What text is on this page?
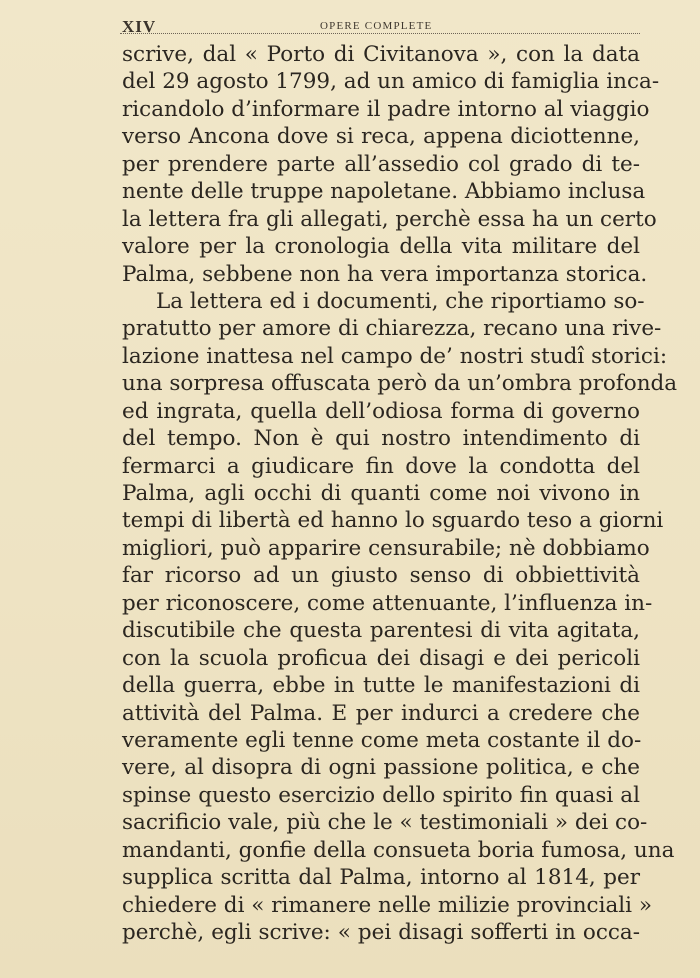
XIV	OPERE COMPLETE
scrive, dal « Porto di Civitanova », con la data
del 29 agosto 1799, ad un amico di famiglia inca-
ricandolo d’informare il padre intorno al viaggio
verso Ancona dove si reca, appena diciottenne,
per prendere parte all’assedio col grado di te-
nente delle truppe napoletane. Abbiamo inclusa
la lettera fra gli allegati, perchè essa ha un certo
valore per la cronologia della vita militare del
Palma, sebbene non ha vera importanza storica.
La lettera ed i documenti, che riportiamo so-
pratutto per amore di chiarezza, recano una rive-
lazione inattesa nel campo de’ nostri studî storici:
una sorpresa offuscata però da un’ombra profonda
ed ingrata, quella dell’odiosa forma di governo
del tempo. Non è qui nostro intendimento di
fermarci a giudicare fin dove la condotta del
Palma, agli occhi di quanti come noi vivono in
tempi di libertà ed hanno lo sguardo teso a giorni
migliori, può apparire censurabile; nè dobbiamo
far ricorso ad un giusto senso di obbiettività
per riconoscere, come attenuante, l’influenza in-
discutibile che questa parentesi di vita agitata,
con la scuola proficua dei disagi e dei pericoli
della guerra, ebbe in tutte le manifestazioni di
attività del Palma. E per indurci a credere che
veramente egli tenne come meta costante il do-
vere, al disopra di ogni passione politica, e che
spinse questo esercizio dello spirito fin quasi al
sacrificio vale, più che le « testimoniali » dei co-
mandanti, gonfie della consueta boria fumosa, una
supplica scritta dal Palma, intorno al 1814, per
chiedere di « rimanere nelle milizie provinciali »
perchè, egli scrive: « pei disagi sofferti in occa-
